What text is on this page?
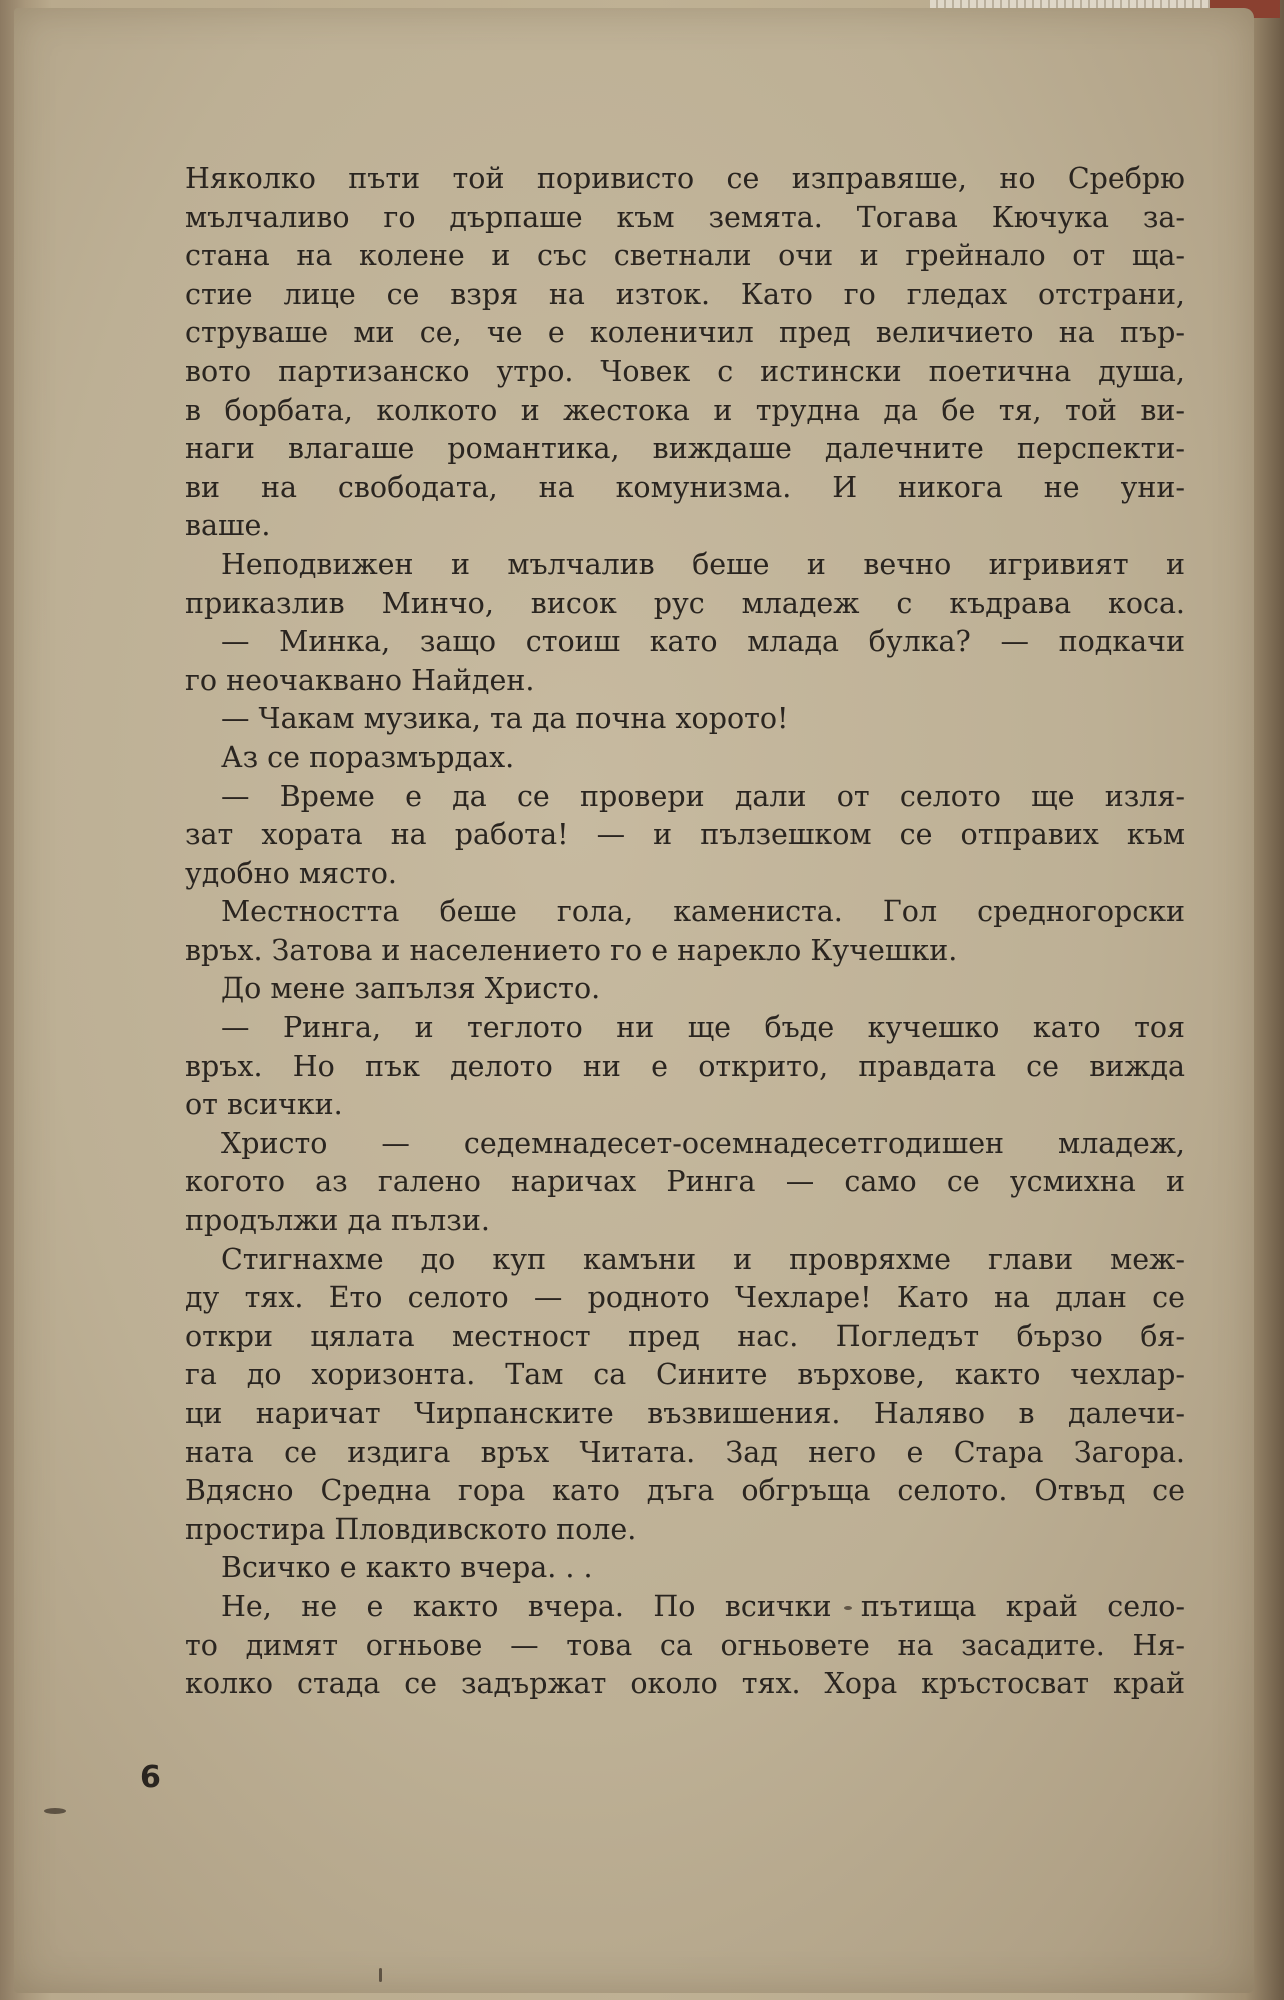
Няколко пъти той поривисто се изправяше, но Сребрю
мълчаливо го дърпаше към земята. Тогава Кючука за-
стана на колене и със светнали очи и грейнало от ща-
стие лице се взря на изток. Като го гледах отстрани,
струваше ми се, че е коленичил пред величието на пър-
вото партизанско утро. Човек с истински поетична душа,
в борбата, колкото и жестока и трудна да бе тя, той ви-
наги влагаше романтика, виждаше далечните перспекти-
ви на свободата, на комунизма. И никога не уни-
ваше.
Неподвижен и мълчалив беше и вечно игривият и
приказлив Минчо, висок рус младеж с къдрава коса.
— Минка, защо стоиш като млада булка? — подкачи
го неочаквано Найден.
— Чакам музика, та да почна хорото!
Аз се поразмърдах.
— Време е да се провери дали от селото ще изля-
зат хората на работа! — и пълзешком се отправих към
удобно място.
Местността беше гола, камениста. Гол средногорски
връх. Затова и населението го е нарекло Кучешки.
До мене запълзя Христо.
— Ринга, и теглото ни ще бъде кучешко като тоя
връх. Но пък делото ни е открито, правдата се вижда
от всички.
Христо — седемнадесет-осемнадесетгодишен младеж,
когото аз галено наричах Ринга — само се усмихна и
продължи да пълзи.
Стигнахме до куп камъни и провряхме глави меж-
ду тях. Ето селото — родното Чехларе! Като на длан се
откри цялата местност пред нас. Погледът бързо бя-
га до хоризонта. Там са Сините върхове, както чехлар-
ци наричат Чирпанските възвишения. Наляво в далечи-
ната се издига връх Читата. Зад него е Стара Загора.
Вдясно Средна гора като дъга обгръща селото. Отвъд се
простира Пловдивското поле.
Всичко е както вчера. . .
Не, не е както вчера. По всички пътища край село-
то димят огньове — това са огньовете на засадите. Ня-
колко стада се задържат около тях. Хора кръстосват край
6
